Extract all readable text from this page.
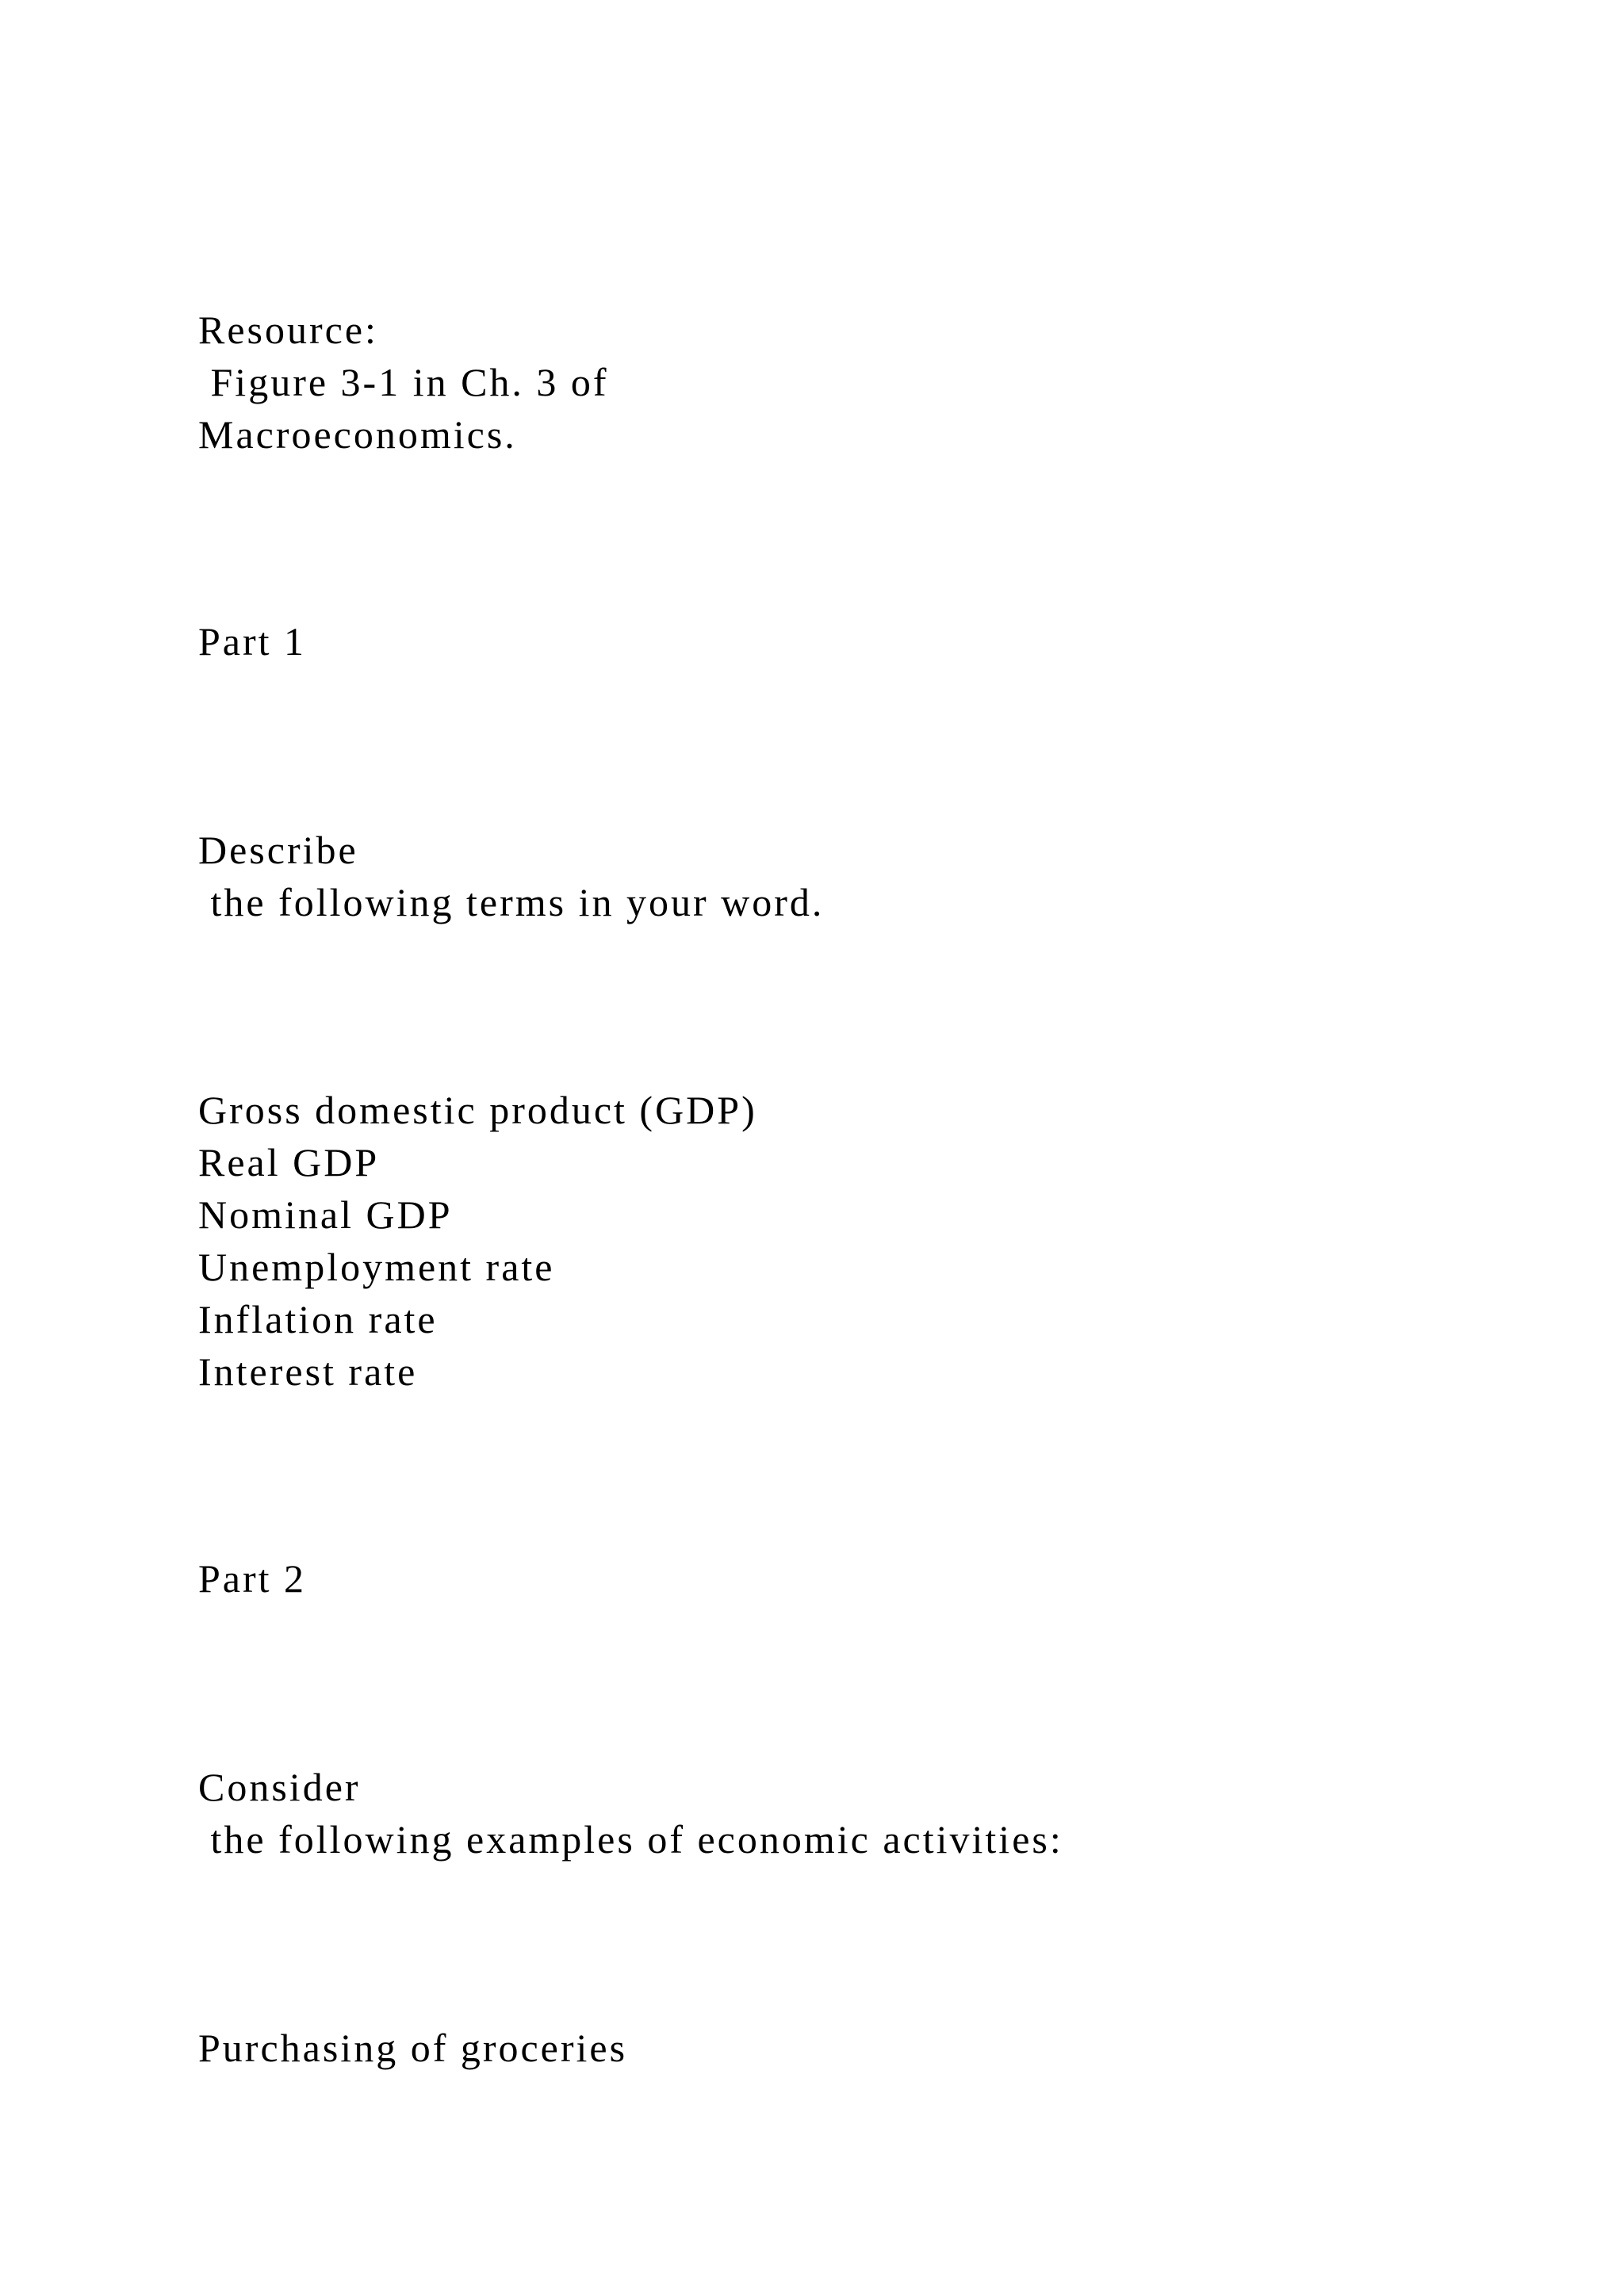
Resource:
Figure 3-1 in Ch. 3 of
Macroeconomics.
Part 1
Describe
the following terms in your word.
Gross domestic product (GDP)
Real GDP
Nominal GDP
Unemployment rate
Inflation rate
Interest rate
Part 2
Consider
the following examples of economic activities:
Purchasing of groceries
